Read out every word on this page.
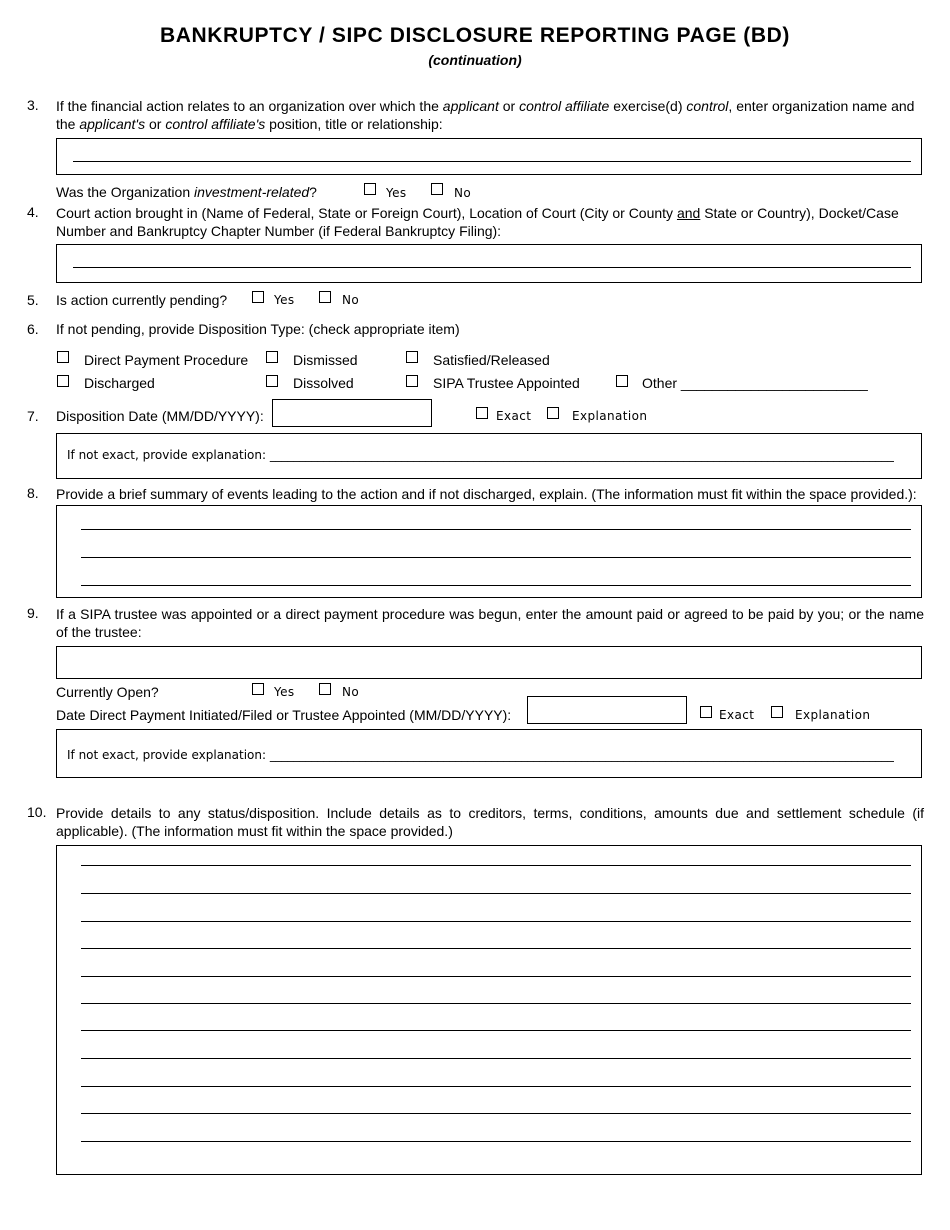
BANKRUPTCY / SIPC DISCLOSURE REPORTING PAGE (BD)
(continuation)
3. If the financial action relates to an organization over which the applicant or control affiliate exercise(d) control, enter organization name and the applicant's or control affiliate's position, title or relationship:
Was the Organization investment-related?	Yes	No
4. Court action brought in (Name of Federal, State or Foreign Court), Location of Court (City or County and State or Country), Docket/Case Number and Bankruptcy Chapter Number (if Federal Bankruptcy Filing):
5. Is action currently pending?	Yes	No
6. If not pending, provide Disposition Type: (check appropriate item)
Direct Payment Procedure	Dismissed	Satisfied/Released
Discharged	Dissolved	SIPA Trustee Appointed	Other ________________________
7. Disposition Date (MM/DD/YYYY):	Exact	Explanation
If not exact, provide explanation: ________________________________________________________________________________________________________
8. Provide a brief summary of events leading to the action and if not discharged, explain. (The information must fit within the space provided.):
9. If a SIPA trustee was appointed or a direct payment procedure was begun, enter the amount paid or agreed to be paid by you; or the name of the trustee:
Currently Open?	Yes	No
Date Direct Payment Initiated/Filed or Trustee Appointed (MM/DD/YYYY):	Exact	Explanation
If not exact, provide explanation: ________________________________________________________________________________________________________
10. Provide details to any status/disposition. Include details as to creditors, terms, conditions, amounts due and settlement schedule (if applicable). (The information must fit within the space provided.)
